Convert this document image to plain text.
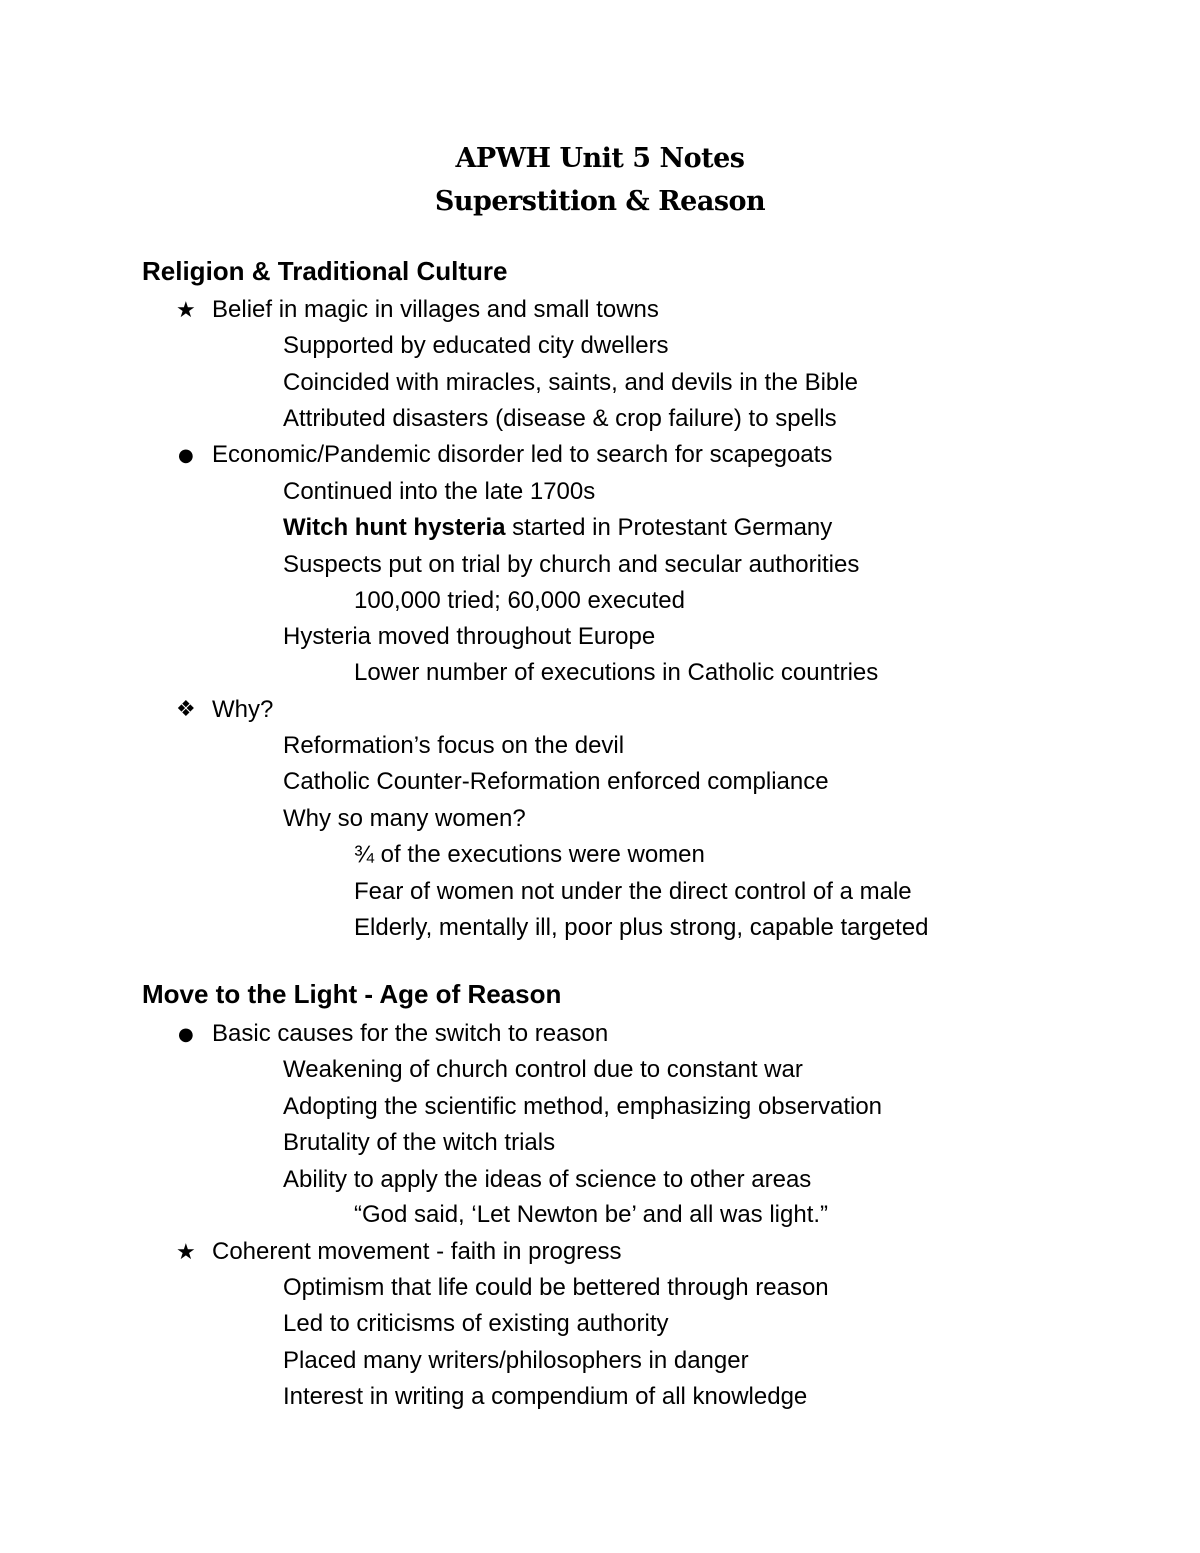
APWH Unit 5 Notes
Superstition & Reason
Religion & Traditional Culture
★ Belief in magic in villages and small towns
Supported by educated city dwellers
Coincided with miracles, saints, and devils in the Bible
Attributed disasters (disease & crop failure) to spells
● Economic/Pandemic disorder led to search for scapegoats
Continued into the late 1700s
Witch hunt hysteria started in Protestant Germany
Suspects put on trial by church and secular authorities
100,000 tried; 60,000 executed
Hysteria moved throughout Europe
Lower number of executions in Catholic countries
❖ Why?
Reformation’s focus on the devil
Catholic Counter-Reformation enforced compliance
Why so many women?
¾ of the executions were women
Fear of women not under the direct control of a male
Elderly, mentally ill, poor plus strong, capable targeted
Move to the Light - Age of Reason
● Basic causes for the switch to reason
Weakening of church control due to constant war
Adopting the scientific method, emphasizing observation
Brutality of the witch trials
Ability to apply the ideas of science to other areas
“God said, ‘Let Newton be’ and all was light.”
★ Coherent movement - faith in progress
Optimism that life could be bettered through reason
Led to criticisms of existing authority
Placed many writers/philosophers in danger
Interest in writing a compendium of all knowledge
